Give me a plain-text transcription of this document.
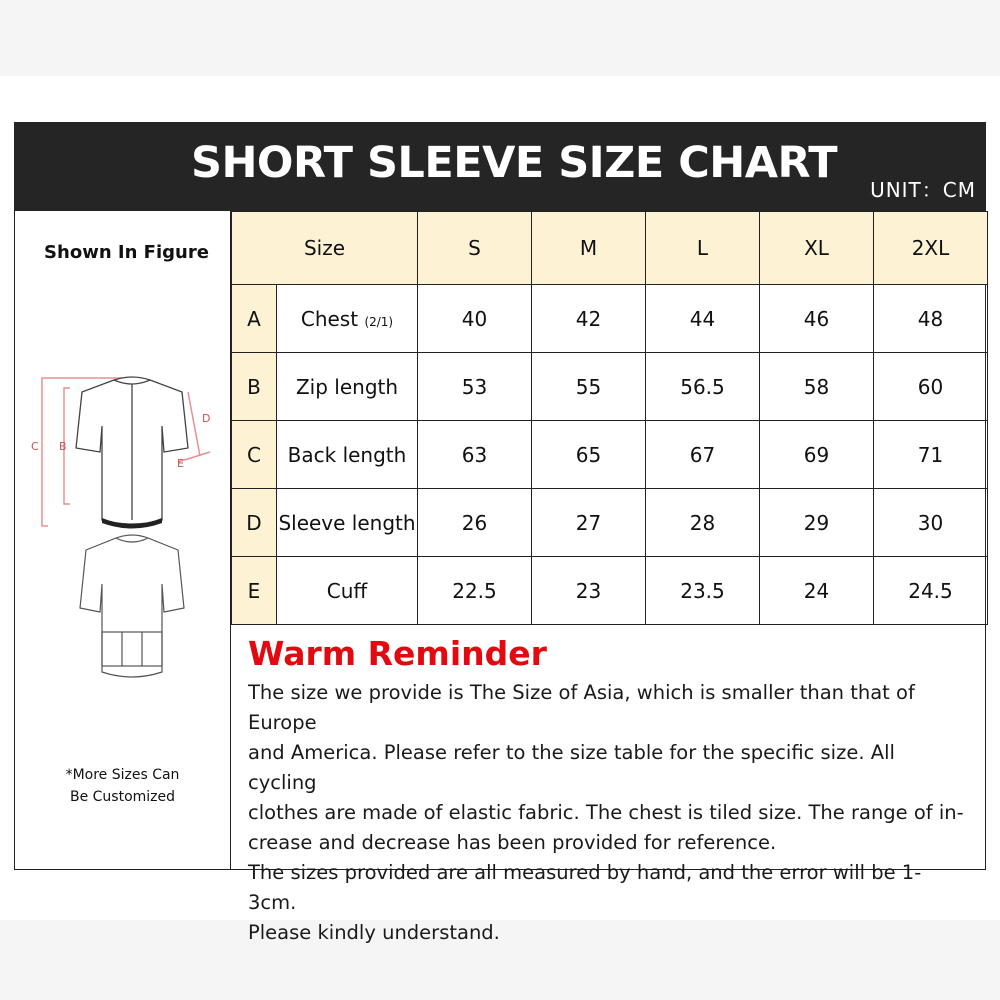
SHORT SLEEVE SIZE CHART
UNIT：CM
Shown In Figure
C B
D
E
*More Sizes Can
Be Customized
Size		S	M	L	XL	2XL
A	Chest (2/1)	40	42	44	46	48
B	Zip length	53	55	56.5	58	60
C	Back length	63	65	67	69	71
D	Sleeve length	26	27	28	29	30
E	Cuff	22.5	23	23.5	24	24.5
Warm Reminder

The size we provide is The Size of Asia, which is smaller than that of Europe

and America. Please refer to the size table for the specific size. All cycling

clothes are made of elastic fabric. The chest is tiled size. The range of in-

crease and decrease has been provided for reference.

The sizes provided are all measured by hand, and the error will be 1-3cm.

Please kindly understand.
